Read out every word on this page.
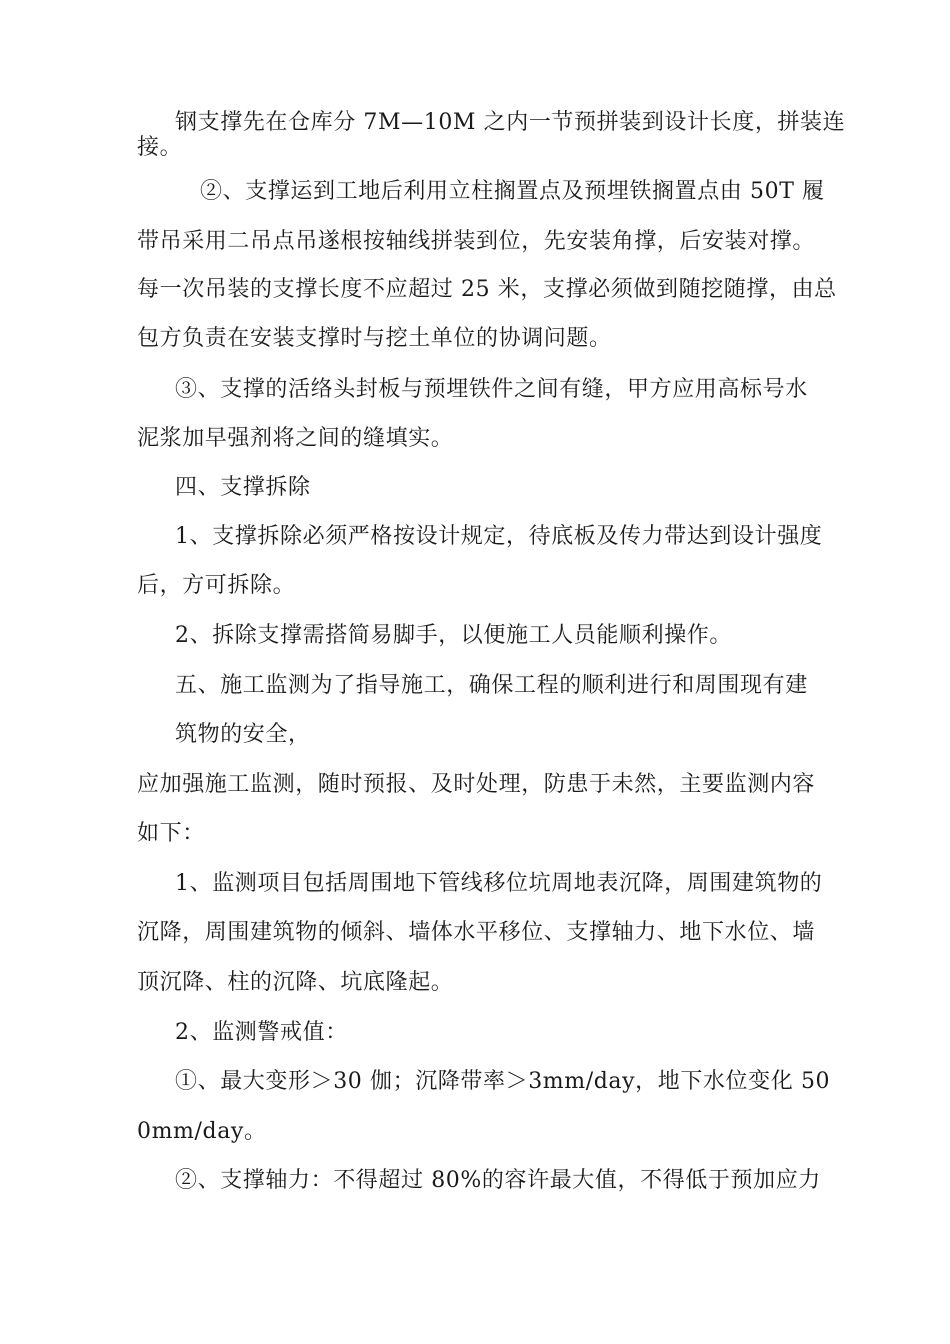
钢支撑先在仓库分 7M—10M 之内一节预拼装到设计长度，拼装连
接。
②、支撑运到工地后利用立柱搁置点及预埋铁搁置点由 50T 履
带吊采用二吊点吊遂根按轴线拼装到位，先安装角撑，后安装对撑。
每一次吊装的支撑长度不应超过 25 米，支撑必须做到随挖随撑，由总
包方负责在安装支撑时与挖土单位的协调问题。
③、支撑的活络头封板与预埋铁件之间有缝，甲方应用高标号水
泥浆加早强剂将之间的缝填实。
四、支撑拆除
1、支撑拆除必须严格按设计规定，待底板及传力带达到设计强度
后，方可拆除。
2、拆除支撑需搭简易脚手，以便施工人员能顺利操作。
五、施工监测为了指导施工，确保工程的顺利进行和周围现有建
筑物的安全，
应加强施工监测，随时预报、及时处理，防患于未然，主要监测内容
如下：
1、监测项目包括周围地下管线移位坑周地表沉降，周围建筑物的
沉降，周围建筑物的倾斜、墙体水平移位、支撑轴力、地下水位、墙
顶沉降、柱的沉降、坑底隆起。
2、监测警戒值：
①、最大变形＞30 伽；沉降带率＞3mm/day，地下水位变化 50
0mm/day。
②、支撑轴力：不得超过 80%的容许最大值，不得低于预加应力
